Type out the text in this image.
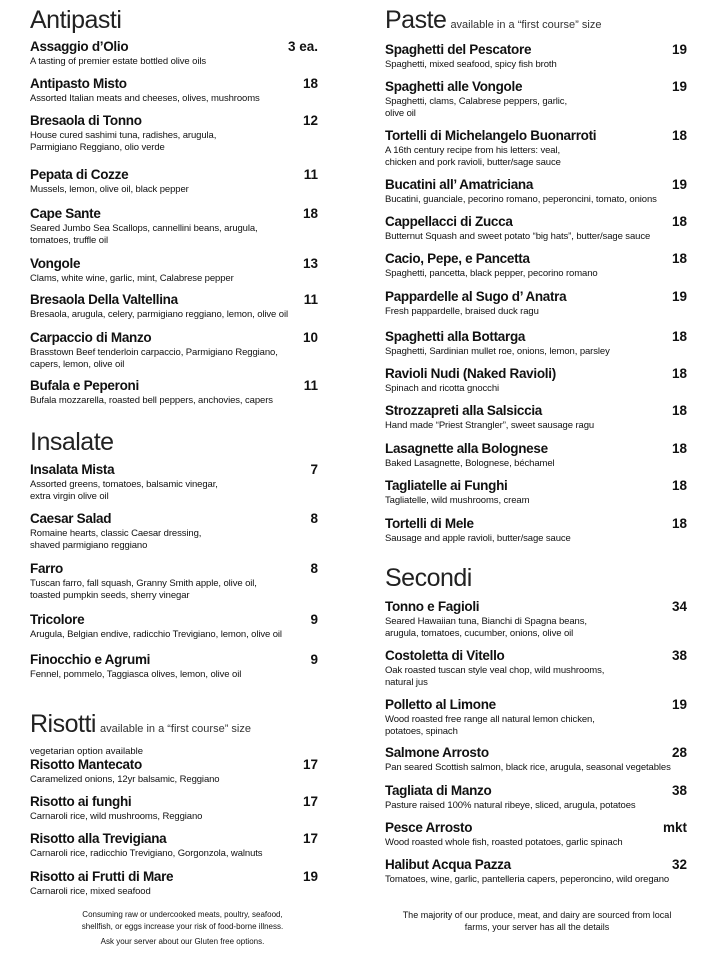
Antipasti
Insalate
Risotti available in a “first course” size
vegetarian option available
Assaggio d’Olio	3 ea.
A tasting of premier estate bottled olive oils
Antipasto Misto	18
Assorted Italian meats and cheeses, olives, mushrooms
Bresaola di Tonno	12
House cured sashimi tuna, radishes, arugula,
Parmigiano Reggiano, olio verde
Pepata di Cozze	11
Mussels, lemon, olive oil, black pepper
Cape Sante	18
Seared Jumbo Sea Scallops, cannellini beans, arugula,
tomatoes, truffle oil
Vongole	13
Clams, white wine, garlic, mint, Calabrese pepper
Bresaola Della Valtellina	11
Bresaola, arugula, celery, parmigiano reggiano, lemon, olive oil
Carpaccio di Manzo	10
Brasstown Beef tenderloin carpaccio, Parmigiano Reggiano,
capers, lemon, olive oil
Bufala e Peperoni	11
Bufala mozzarella, roasted bell peppers, anchovies, capers
Insalata Mista	7
Assorted greens, tomatoes, balsamic vinegar,
extra virgin olive oil
Caesar Salad	8
Romaine hearts, classic Caesar dressing,
shaved parmigiano reggiano
Farro	8
Tuscan farro, fall squash, Granny Smith apple, olive oil,
toasted pumpkin seeds, sherry vinegar
Tricolore	9
Arugula, Belgian endive, radicchio Trevigiano, lemon, olive oil
Finocchio e Agrumi	9
Fennel, pommelo, Taggiasca olives, lemon, olive oil
Risotto Mantecato	17
Caramelized onions, 12yr balsamic, Reggiano
Risotto ai funghi	17
Carnaroli rice, wild mushrooms, Reggiano
Risotto alla Trevigiana	17
Carnaroli rice, radicchio Trevigiano, Gorgonzola, walnuts
Risotto ai Frutti di Mare	19
Carnaroli rice, mixed seafood
Paste available in a “first course” size
Secondi
Spaghetti del Pescatore	19
Spaghetti, mixed seafood, spicy fish broth
Spaghetti alle Vongole	19
Spaghetti, clams, Calabrese peppers, garlic,
olive oil
Tortelli di Michelangelo Buonarroti	18
A 16th century recipe from his letters: veal,
chicken and pork ravioli, butter/sage sauce
Bucatini all’ Amatriciana	19
Bucatini, guanciale, pecorino romano, peperoncini, tomato, onions
Cappellacci di Zucca	18
Butternut Squash and sweet potato “big hats”, butter/sage sauce
Cacio, Pepe, e Pancetta	18
Spaghetti, pancetta, black pepper, pecorino romano
Pappardelle al Sugo d’ Anatra	19
Fresh pappardelle, braised duck ragu
Spaghetti alla Bottarga	18
Spaghetti, Sardinian mullet roe, onions, lemon, parsley
Ravioli Nudi (Naked Ravioli)	18
Spinach and ricotta gnocchi
Strozzapreti alla Salsiccia	18
Hand made “Priest Strangler”, sweet sausage ragu
Lasagnette alla Bolognese	18
Baked Lasagnette, Bolognese, béchamel
Tagliatelle ai Funghi	18
Tagliatelle, wild mushrooms, cream
Tortelli di Mele	18
Sausage and apple ravioli, butter/sage sauce
Tonno e Fagioli	34
Seared Hawaiian tuna, Bianchi di Spagna beans,
arugula, tomatoes, cucumber, onions, olive oil
Costoletta di Vitello	38
Oak roasted tuscan style veal chop, wild mushrooms,
natural jus
Polletto al Limone	19
Wood roasted free range all natural lemon chicken,
potatoes, spinach
Salmone Arrosto	28
Pan seared Scottish salmon, black rice, arugula, seasonal vegetables
Tagliata di Manzo	38
Pasture raised 100% natural ribeye, sliced, arugula, potatoes
Pesce Arrosto	mkt
Wood roasted whole fish, roasted potatoes, garlic spinach
Halibut Acqua Pazza	32
Tomatoes, wine, garlic, pantelleria capers, peperoncino, wild oregano
Consuming raw or undercooked meats, poultry, seafood,
shellfish, or eggs increase your risk of food-borne illness.
Ask your server about our Gluten free options.
The majority of our produce, meat, and dairy are sourced from local
farms, your server has all the details
